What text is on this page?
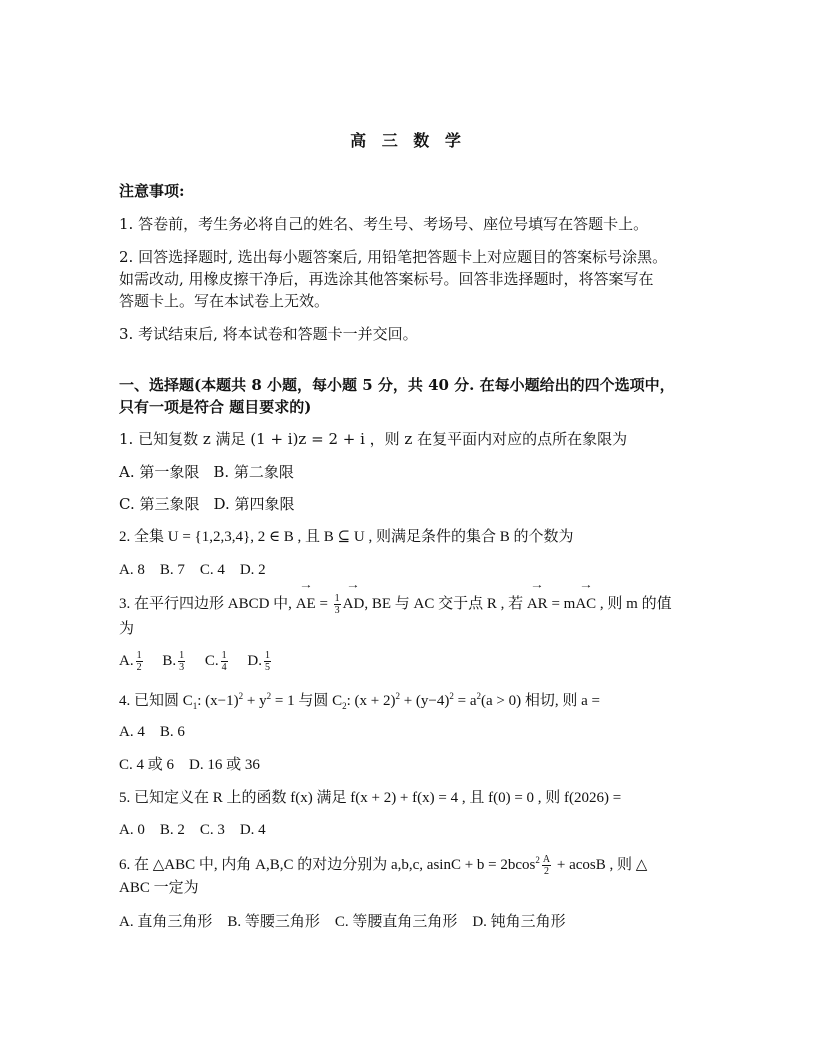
高 三 数 学
注意事项:
1. 答卷前，考生务必将自己的姓名、考生号、考场号、座位号填写在答题卡上。
2. 回答选择题时, 选出每小题答案后, 用铅笔把答题卡上对应题目的答案标号涂黑。
如需改动, 用橡皮擦干净后，再选涂其他答案标号。回答非选择题时，将答案写在
答题卡上。写在本试卷上无效。
3. 考试结束后, 将本试卷和答题卡一并交回。
一、选择题(本题共 8 小题，每小题 5 分，共 40 分. 在每小题给出的四个选项中，
只有一项是符合 题目要求的)
1. 已知复数 z 满足 (1 + i)z = 2 + i ，则 z 在复平面内对应的点所在象限为
A. 第一象限 B. 第二象限
C. 第三象限 D. 第四象限
2. 全集 U = {1,2,3,4}, 2 ∈ B , 且 B ⊆ U , 则满足条件的集合 B 的个数为
A. 8    B. 7    C. 4    D. 2
3. 在平行四边形 ABCD 中, → AE = $\frac{1}{3}$
→ AD, BE 与 AC 交于点 R , 若 → AR = m→ AC , 则 m 的值
为
A. $\frac{1}{2} B$. $\frac{1}{3} C$. $\frac{1}{4} D$. $\frac{1}{5}$
4. 已知圆 $C_1$: $(x-1)^2 + y^2 = 1$ 与圆 $C_2$: $(x + 2)^2 + (y-4)^2 = a^2(a > 0)$ 相切, 则 a =
A. 4    B. 6
C. 4 或 6    D. 16 或 36
5. 已知定义在 R 上的函数 f(x) 满足 f(x + 2) + f(x) = 4 , 且 f(0) = 0 , 则 f(2026) =
A. 0    B. 2    C. 3    D. 4
6. 在 △ABC 中, 内角 A,B,C 的对边分别为 a,b,c, $asinC + b = 2bcos^2 \frac{A}{2} + acosB$ , 则 △
ABC 一定为
A. 直角三角形    B. 等腰三角形    C. 等腰直角三角形    D. 钝角三角形
